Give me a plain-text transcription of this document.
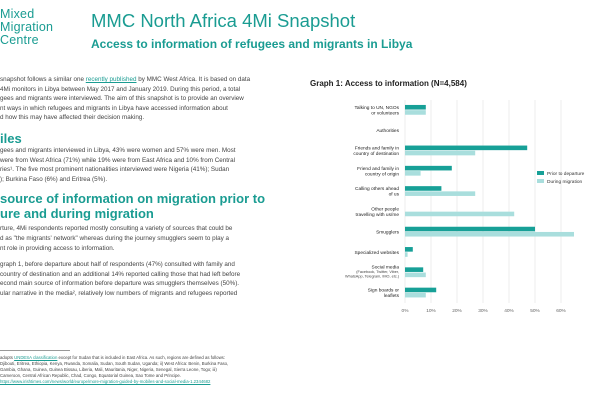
Mixed
Migration
Centre
MMC North Africa 4Mi Snapshot
Access to information of refugees and migrants in Libya

snapshot follows a similar one recently published by MMC West Africa. It is based on data

4Mi monitors in Libya between May 2017 and January 2019. During this period, a total

gees and migrants were interviewed. The aim of this snapshot is to provide an overview

nt ways in which refugees and migrants in Libya have accessed information about

d how this may have affected their decision making.

iles

gees and migrants interviewed in Libya, 43% were women and 57% were men. Most

were from West Africa (71%) while 19% were from East Africa and 10% from Central

ries¹. The five most prominent nationalities interviewed were Nigeria (41%); Sudan

); Burkina Faso (6%) and Eritrea (5%).

source of information on migration prior to
ure and during migration

rture, 4Mi respondents reported mostly consulting a variety of sources that could be

d as "the migrants' network" whereas during the journey smugglers seem to play a

nt role in providing access to information.

graph 1, before departure about half of respondents (47%) consulted with family and

country of destination and an additional 14% reported calling those that had left before

econd main source of information before departure was smugglers themselves (50%).

ular narrative in the media², relatively low numbers of migrants and refugees reported

Graph 1: Access to information (N=4,584)
0%	10%	20%	30%	40%	50%	60%
Talking to UN, NGOs
or volunteers
Authorities
Friends and family in
country of destination
Friend and family in
country of origin
Calling others ahead
of us
Other people
travelling with us/me
Smugglers
Specialized websites
Social media
(Facebook, Twitter, Viber,
WhatsApp, Telegram, IMO, etc.)
Sign boards or
leaflets
Prior to departure
During migration
adopts UNDESA classification except for Sudan that is included in East Africa. As such, regions are defined as follows:
Djibouti, Eritrea, Ethiopia, Kenya, Rwanda, Somalia, Sudan, South Sudan, Uganda; ii) West Africa: Benin, Burkina Faso,
Gambia, Ghana, Guinea, Guinea Bissau, Liberia, Mali, Mauritania, Niger, Nigeria, Senegal, Sierra Leone, Togo; iii)
Cameroon, Central African Republic, Chad, Congo, Equatorial Guinea, Sao Tome and Principe.
https://www.irishtimes.com/news/world/europe/more-migration-guided-by-mobiles-and-social-media-1.2344682
